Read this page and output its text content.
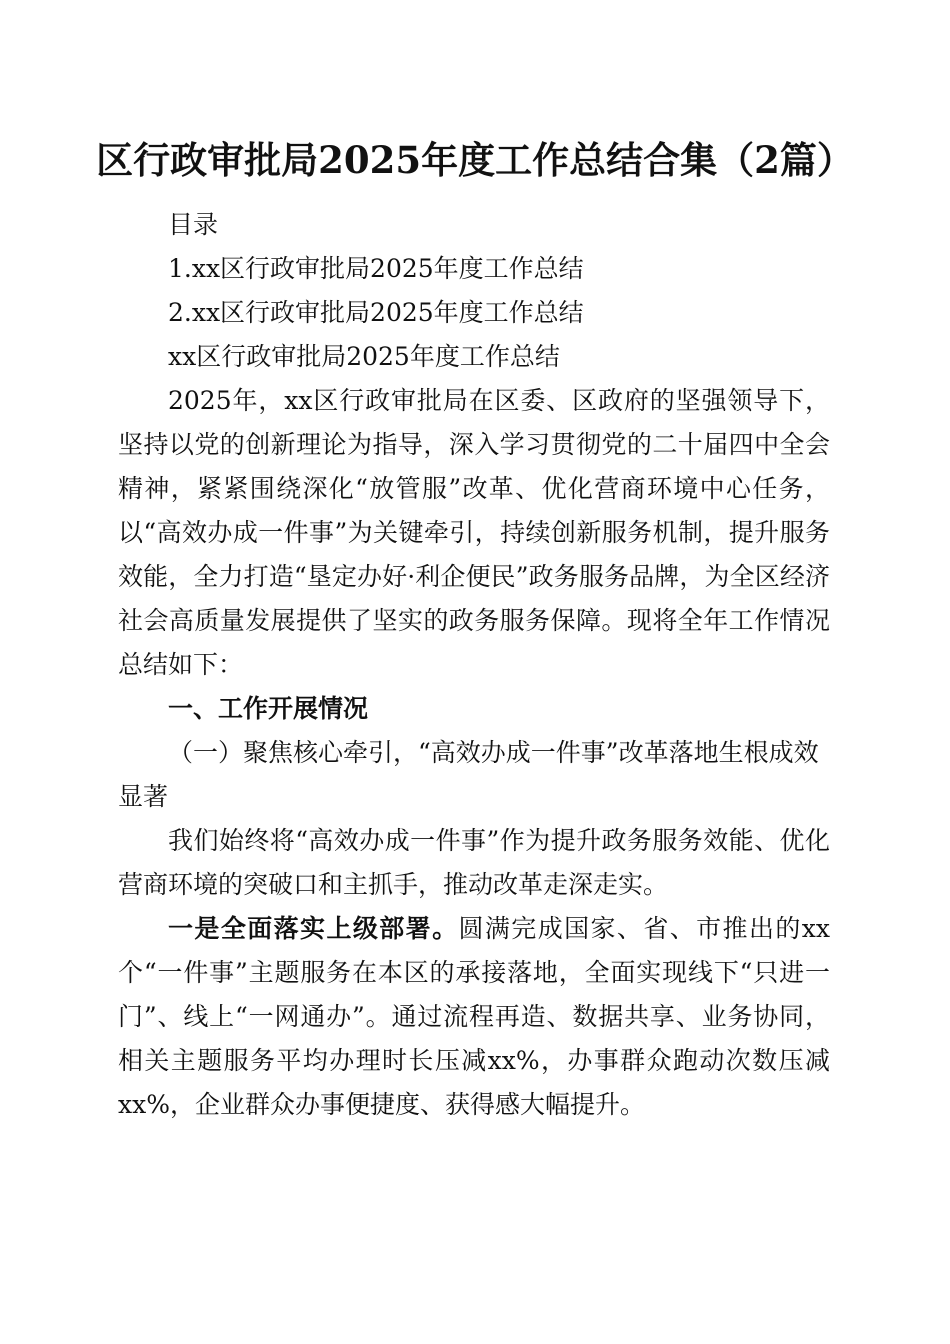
区行政审批局2025年度工作总结合集（2篇）

目录

1.xx区行政审批局2025年度工作总结

2.xx区行政审批局2025年度工作总结

xx区行政审批局2025年度工作总结

2025年，xx区行政审批局在区委、区政府的坚强领导下，坚持以党的创新理论为指导，深入学习贯彻党的二十届四中全会精神，紧紧围绕深化“放管服”改革、优化营商环境中心任务，以“高效办成一件事”为关键牵引，持续创新服务机制，提升服务效能，全力打造“垦定办好·利企便民”政务服务品牌，为全区经济社会高质量发展提供了坚实的政务服务保障。现将全年工作情况总结如下：

一、工作开展情况
（一）聚焦核心牵引，“高效办成一件事”改革落地生根成效显著

我们始终将“高效办成一件事”作为提升政务服务效能、优化营商环境的突破口和主抓手，推动改革走深走实。

一是全面落实上级部署。圆满完成国家、省、市推出的xx个“一件事”主题服务在本区的承接落地，全面实现线下“只进一门”、线上“一网通办”。通过流程再造、数据共享、业务协同，相关主题服务平均办理时长压减xx%，办事群众跑动次数压减xx%，企业群众办事便捷度、获得感大幅提升。
